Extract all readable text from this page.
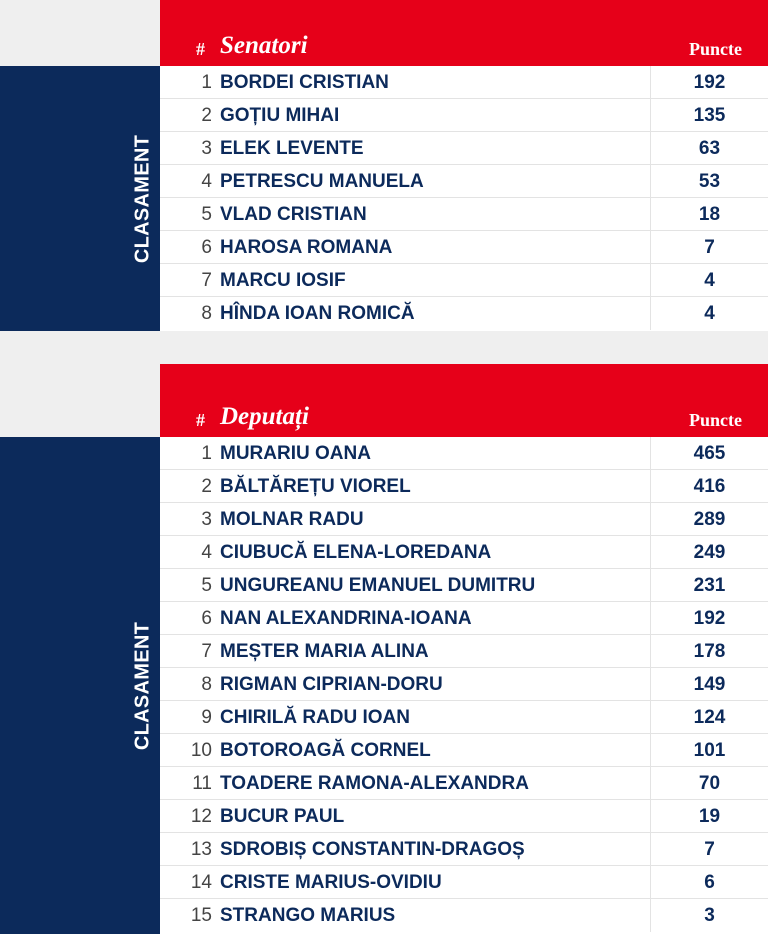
# Senatori	Puncte
CLASAMENT
1 BORDEI CRISTIAN	192
2 GOȚIU MIHAI	135
3 ELEK LEVENTE	63
4 PETRESCU MANUELA	53
5 VLAD CRISTIAN	18
6 HAROSA ROMANA	7
7 MARCU IOSIF	4
8 HÎNDA IOAN ROMICĂ	4
# Deputați	Puncte
CLASAMENT
1 MURARIU OANA	465
2 BĂLTĂREȚU VIOREL	416
3 MOLNAR RADU	289
4 CIUBUCĂ ELENA-LOREDANA	249
5 UNGUREANU EMANUEL DUMITRU	231
6 NAN ALEXANDRINA-IOANA	192
7 MEȘTER MARIA ALINA	178
8 RIGMAN CIPRIAN-DORU	149
9 CHIRILĂ RADU IOAN	124
10 BOTOROAGĂ CORNEL	101
11 TOADERE RAMONA-ALEXANDRA	70
12 BUCUR PAUL	19
13 SDROBIȘ CONSTANTIN-DRAGOȘ	7
14 CRISTE MARIUS-OVIDIU	6
15 STRANGO MARIUS	3
